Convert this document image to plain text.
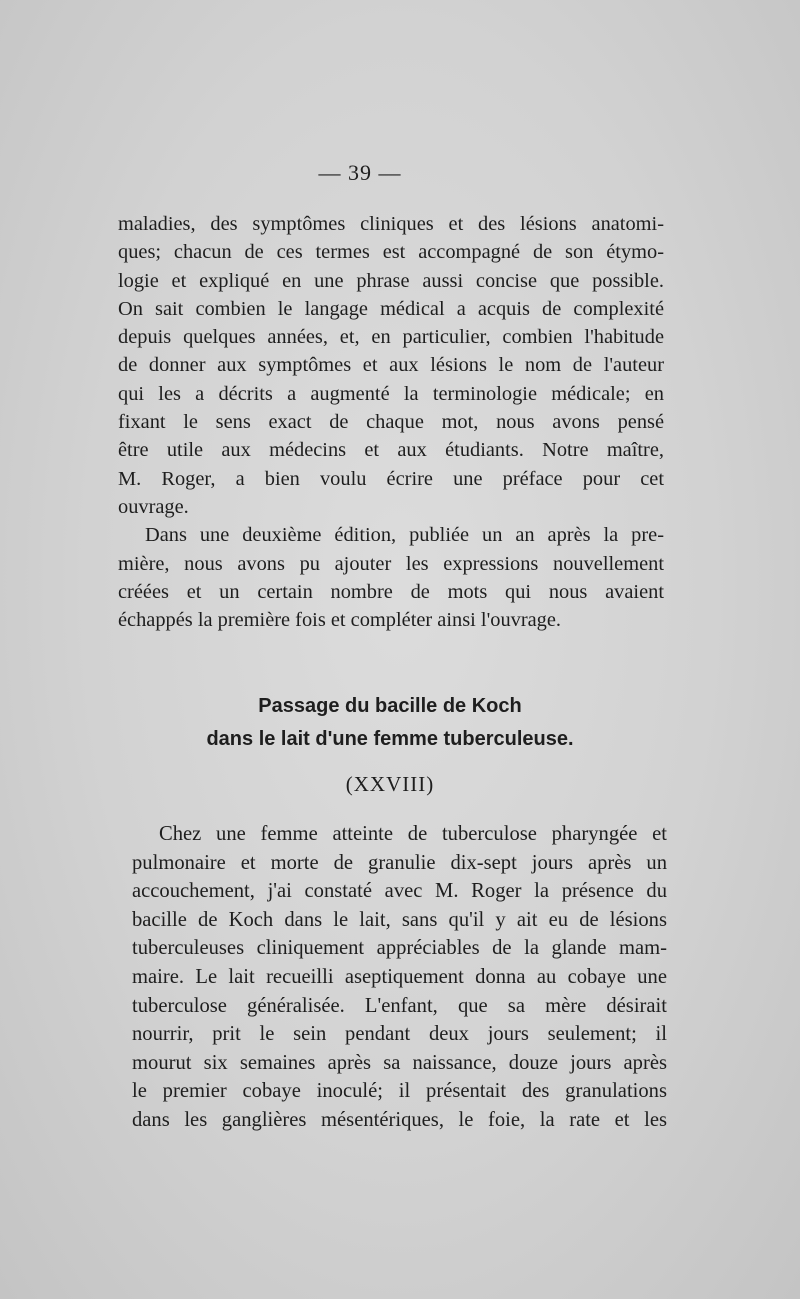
— 39 —
maladies, des symptômes cliniques et des lésions anatomi-
ques; chacun de ces termes est accompagné de son étymo-
logie et expliqué en une phrase aussi concise que possible.
On sait combien le langage médical a acquis de complexité
depuis quelques années, et, en particulier, combien l'habitude
de donner aux symptômes et aux lésions le nom de l'auteur
qui les a décrits a augmenté la terminologie médicale; en
fixant le sens exact de chaque mot, nous avons pensé
être utile aux médecins et aux étudiants. Notre maître,
M. Roger, a bien voulu écrire une préface pour cet
ouvrage.
Dans une deuxième édition, publiée un an après la pre-
mière, nous avons pu ajouter les expressions nouvellement
créées et un certain nombre de mots qui nous avaient
échappés la première fois et compléter ainsi l'ouvrage.
Passage du bacille de Koch
dans le lait d'une femme tuberculeuse.
(XXVIII)
Chez une femme atteinte de tuberculose pharyngée et
pulmonaire et morte de granulie dix-sept jours après un
accouchement, j'ai constaté avec M. Roger la présence du
bacille de Koch dans le lait, sans qu'il y ait eu de lésions
tuberculeuses cliniquement appréciables de la glande mam-
maire. Le lait recueilli aseptiquement donna au cobaye une
tuberculose généralisée. L'enfant, que sa mère désirait
nourrir, prit le sein pendant deux jours seulement; il
mourut six semaines après sa naissance, douze jours après
le premier cobaye inoculé; il présentait des granulations
dans les ganglières mésentériques, le foie, la rate et les
